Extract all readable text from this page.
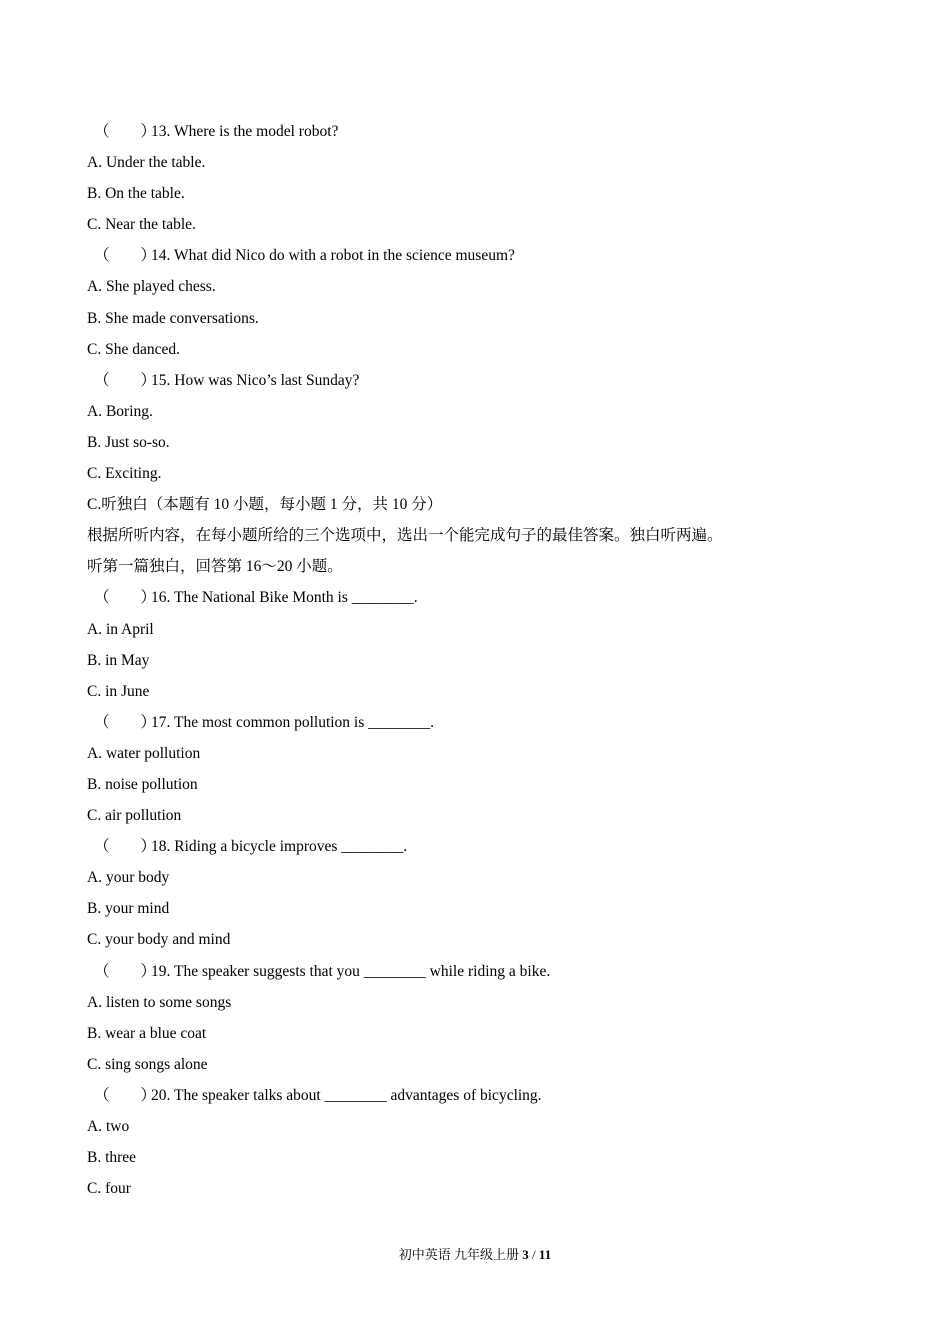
（　　）13. Where is the model robot?
A. Under the table.
B. On the table.
C. Near the table.
（　　）14. What did Nico do with a robot in the science museum?
A. She played chess.
B. She made conversations.
C. She danced.
（　　）15. How was Nico’s last Sunday?
A. Boring.
B. Just so-so.
C. Exciting.
C.听独白（本题有 10 小题，每小题 1 分，共 10 分）
根据所听内容，在每小题所给的三个选项中，选出一个能完成句子的最佳答案。独白听两遍。
听第一篇独白，回答第 16～20 小题。
（　　）16. The National Bike Month is ________.
A. in April
B. in May
C. in June
（　　）17. The most common pollution is ________.
A. water pollution
B. noise pollution
C. air pollution
（　　）18. Riding a bicycle improves ________.
A. your body
B. your mind
C. your body and mind
（　　）19. The speaker suggests that you ________ while riding a bike.
A. listen to some songs
B. wear a blue coat
C. sing songs alone
（　　）20. The speaker talks about ________ advantages of bicycling.
A. two
B. three
C. four
初中英语 九年级上册 3 / 11
